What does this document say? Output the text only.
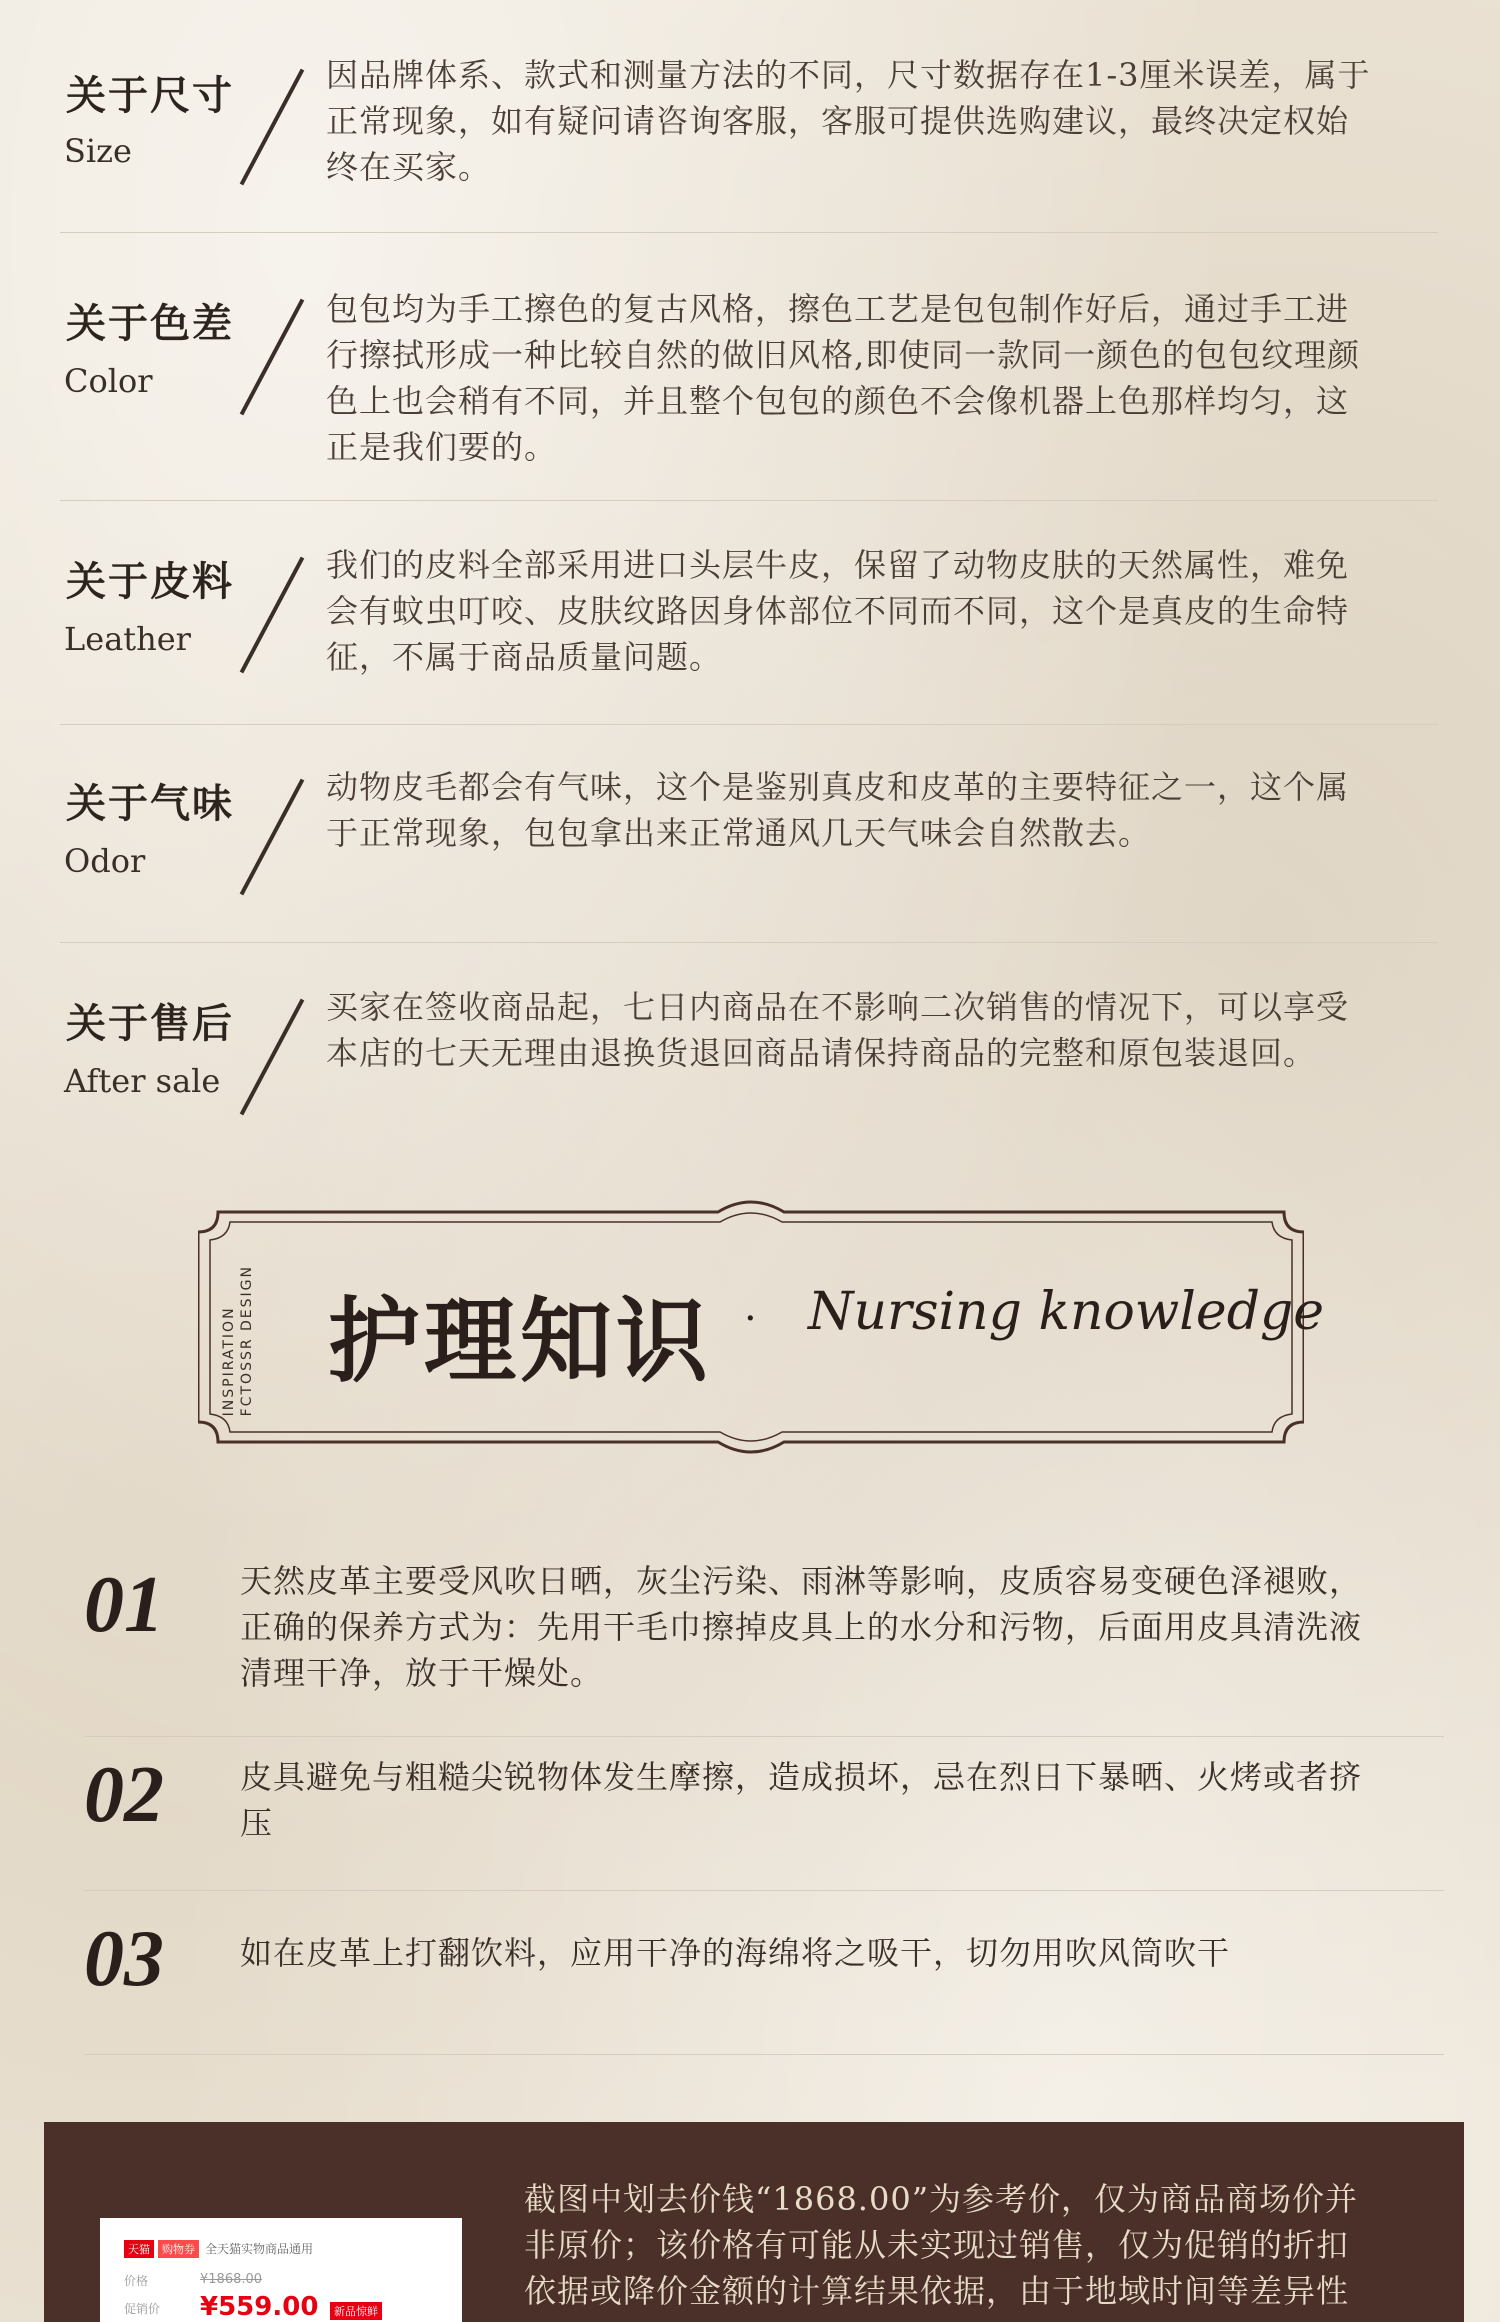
关于尺寸
Size
因品牌体系、款式和测量方法的不同，尺寸数据存在1-3厘米误差，属于
正常现象，如有疑问请咨询客服，客服可提供选购建议，最终决定权始
终在买家。
关于色差
Color
包包均为手工擦色的复古风格，擦色工艺是包包制作好后，通过手工进
行擦拭形成一种比较自然的做旧风格,即使同一款同一颜色的包包纹理颜
色上也会稍有不同，并且整个包包的颜色不会像机器上色那样均匀，这
正是我们要的。
关于皮料
Leather
我们的皮料全部采用进口头层牛皮，保留了动物皮肤的天然属性，难免
会有蚊虫叮咬、皮肤纹路因身体部位不同而不同，这个是真皮的生命特
征，不属于商品质量问题。
关于气味
Odor
动物皮毛都会有气味，这个是鉴别真皮和皮革的主要特征之一，这个属
于正常现象，包包拿出来正常通风几天气味会自然散去。
关于售后
After sale
买家在签收商品起，七日内商品在不影响二次销售的情况下，可以享受
本店的七天无理由退换货退回商品请保持商品的完整和原包装退回。
INSPIRATION FCTOSSR DESIGN 护理知识 · Nursing knowledge
01 天然皮革主要受风吹日晒，灰尘污染、雨淋等影响，皮质容易变硬色泽褪败，
正确的保养方式为：先用干毛巾擦掉皮具上的水分和污物，后面用皮具清洗液
清理干净，放于干燥处。
02 皮具避免与粗糙尖锐物体发生摩擦，造成损坏，忌在烈日下暴晒、火烤或者挤
压
03 如在皮革上打翻饮料，应用干净的海绵将之吸干，切勿用吹风筒吹干
天猫 购物券 全天猫实物商品通用
价格	¥1868.00
促销价 ¥559.00	新品惊鲜
截图中划去价钱“1868.00”为参考价，仅为商品商场价并
非原价；该价格有可能从未实现过销售，仅为促销的折扣
依据或降价金额的计算结果依据，由于地域时间等差异性
